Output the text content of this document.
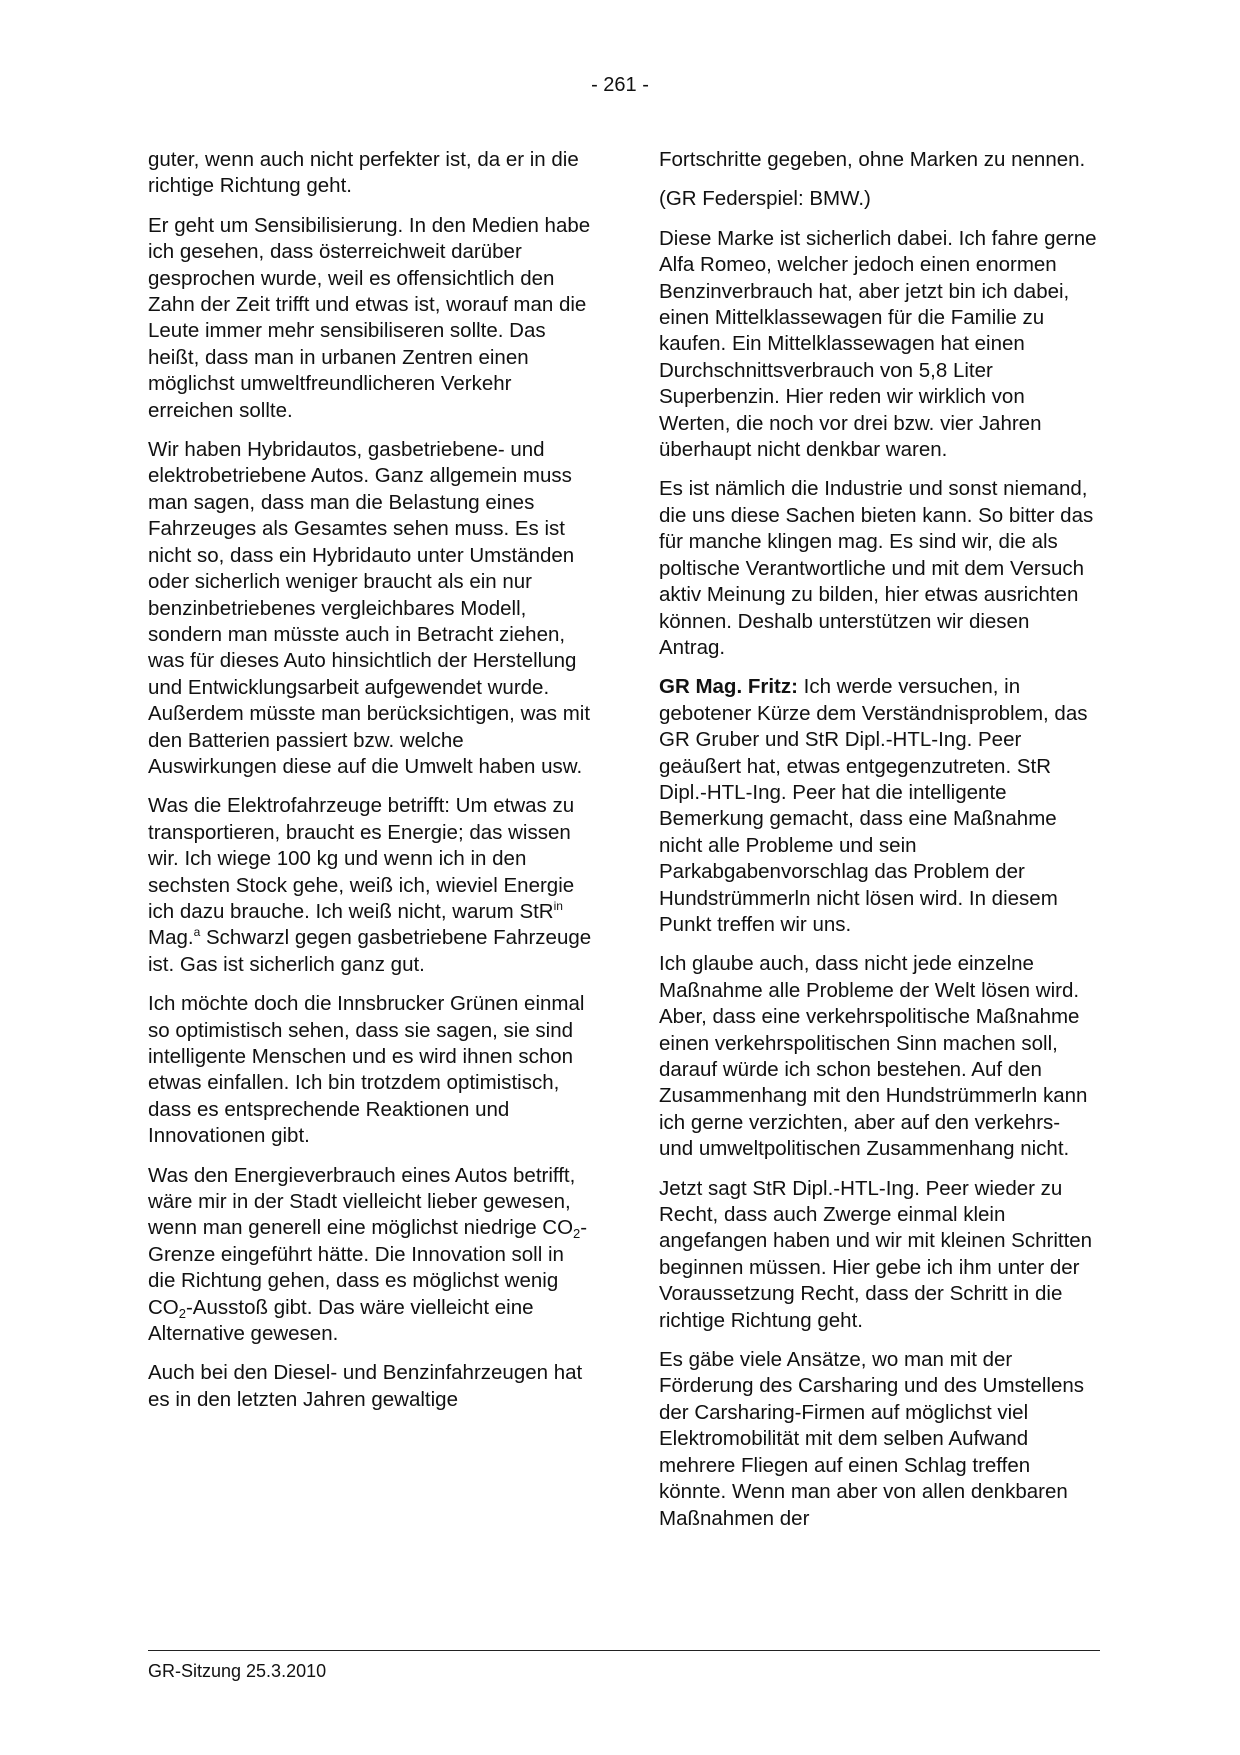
- 261 -

guter, wenn auch nicht perfekter ist, da er in die richtige Richtung geht.

Er geht um Sensibilisierung. In den Medien habe ich gesehen, dass österreichweit darüber gesprochen wurde, weil es offensichtlich den Zahn der Zeit trifft und etwas ist, worauf man die Leute immer mehr sensibiliseren sollte. Das heißt, dass man in urbanen Zentren einen möglichst umweltfreundlicheren Verkehr erreichen sollte.

Wir haben Hybridautos, gasbetriebene- und elektrobetriebene Autos. Ganz allgemein muss man sagen, dass man die Belastung eines Fahrzeuges als Gesamtes sehen muss. Es ist nicht so, dass ein Hybridauto unter Umständen oder sicherlich weniger braucht als ein nur benzinbetriebenes vergleichbares Modell, sondern man müsste auch in Betracht ziehen, was für dieses Auto hinsichtlich der Herstellung und Entwicklungsarbeit aufgewendet wurde. Außerdem müsste man berücksichtigen, was mit den Batterien passiert bzw. welche Auswirkungen diese auf die Umwelt haben usw.

Was die Elektrofahrzeuge betrifft: Um etwas zu transportieren, braucht es Energie; das wissen wir. Ich wiege 100 kg und wenn ich in den sechsten Stock gehe, weiß ich, wieviel Energie ich dazu brauche. Ich weiß nicht, warum StR$^{in}$ Mag.$^a$ Schwarzl gegen gasbetriebene Fahrzeuge ist. Gas ist sicherlich ganz gut.

Ich möchte doch die Innsbrucker Grünen einmal so optimistisch sehen, dass sie sagen, sie sind intelligente Menschen und es wird ihnen schon etwas einfallen. Ich bin trotzdem optimistisch, dass es entsprechende Reaktionen und Innovationen gibt.

Was den Energieverbrauch eines Autos betrifft, wäre mir in der Stadt vielleicht lieber gewesen, wenn man generell eine möglichst niedrige $CO_2$-Grenze eingeführt hätte. Die Innovation soll in die Richtung gehen, dass es möglichst wenig $CO_2$-Ausstoß gibt. Das wäre vielleicht eine Alternative gewesen.

Auch bei den Diesel- und Benzinfahrzeugen hat es in den letzten Jahren gewaltige

Fortschritte gegeben, ohne Marken zu nennen.

(GR Federspiel: BMW.)

Diese Marke ist sicherlich dabei. Ich fahre gerne Alfa Romeo, welcher jedoch einen enormen Benzinverbrauch hat, aber jetzt bin ich dabei, einen Mittelklassewagen für die Familie zu kaufen. Ein Mittelklassewagen hat einen Durchschnittsverbrauch von 5,8 Liter Superbenzin. Hier reden wir wirklich von Werten, die noch vor drei bzw. vier Jahren überhaupt nicht denkbar waren.

Es ist nämlich die Industrie und sonst niemand, die uns diese Sachen bieten kann. So bitter das für manche klingen mag. Es sind wir, die als poltische Verantwortliche und mit dem Versuch aktiv Meinung zu bilden, hier etwas ausrichten können. Deshalb unterstützen wir diesen Antrag.

GR Mag. Fritz: Ich werde versuchen, in gebotener Kürze dem Verständnisproblem, das GR Gruber und StR Dipl.-HTL-Ing. Peer geäußert hat, etwas entgegenzutreten. StR Dipl.-HTL-Ing. Peer hat die intelligente Bemerkung gemacht, dass eine Maßnahme nicht alle Probleme und sein Parkabgabenvorschlag das Problem der Hundstrümmerln nicht lösen wird. In diesem Punkt treffen wir uns.

Ich glaube auch, dass nicht jede einzelne Maßnahme alle Probleme der Welt lösen wird. Aber, dass eine verkehrspolitische Maßnahme einen verkehrspolitischen Sinn machen soll, darauf würde ich schon bestehen. Auf den Zusammenhang mit den Hundstrümmerln kann ich gerne verzichten, aber auf den verkehrs- und umweltpolitischen Zusammenhang nicht.

Jetzt sagt StR Dipl.-HTL-Ing. Peer wieder zu Recht, dass auch Zwerge einmal klein angefangen haben und wir mit kleinen Schritten beginnen müssen. Hier gebe ich ihm unter der Voraussetzung Recht, dass der Schritt in die richtige Richtung geht.

Es gäbe viele Ansätze, wo man mit der Förderung des Carsharing und des Umstellens der Carsharing-Firmen auf möglichst viel Elektromobilität mit dem selben Aufwand mehrere Fliegen auf einen Schlag treffen könnte. Wenn man aber von allen denkbaren Maßnahmen der

GR-Sitzung 25.3.2010
